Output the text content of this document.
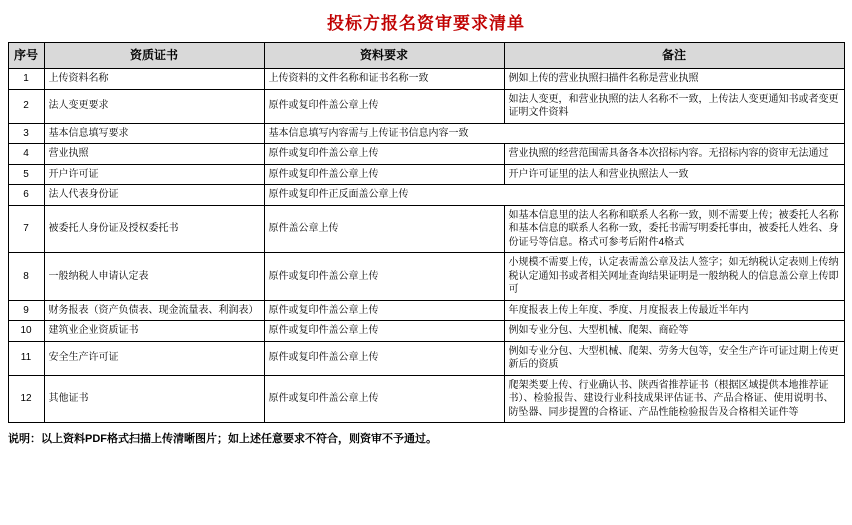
投标方报名资审要求清单
序号	资质证书	资料要求	备注
1	上传资料名称	上传资料的文件名称和证书名称一致	例如上传的营业执照扫描件名称是营业执照
2	法人变更要求	原件或复印件盖公章上传	如法人变更，和营业执照的法人名称不一致，上传法人变更通知书或者变更证明文件资料
3	基本信息填写要求	基本信息填写内容需与上传证书信息内容一致	
4	营业执照	原件或复印件盖公章上传	营业执照的经营范围需具备各本次招标内容。无招标内容的资审无法通过
5	开户许可证	原件或复印件盖公章上传	开户许可证里的法人和营业执照法人一致
6	法人代表身份证	原件或复印件正反面盖公章上传	
7	被委托人身份证及授权委托书	原件盖公章上传	如基本信息里的法人名称和联系人名称一致，则不需要上传；被委托人名称和基本信息的联系人名称一致，委托书需写明委托事由，被委托人姓名、身份证号等信息。格式可参考后附件4格式
8	一般纳税人申请认定表	原件或复印件盖公章上传	小规模不需要上传，认定表需盖公章及法人签字；如无纳税认定表则上传纳税认定通知书或者相关网址查询结果证明是一般纳税人的信息盖公章上传即可
9	财务报表（资产负债表、现金流量表、利润表）	原件或复印件盖公章上传	年度报表上传上年度、季度、月度报表上传最近半年内
10	建筑业企业资质证书	原件或复印件盖公章上传	例如专业分包、大型机械、爬架、商砼等
11	安全生产许可证	原件或复印件盖公章上传	例如专业分包、大型机械、爬架、劳务大包等，安全生产许可证过期上传更新后的资质
12	其他证书	原件或复印件盖公章上传	爬架类要上传、行业确认书、陕西省推荐证书（根据区域提供本地推荐证书）、检验报告、建设行业科技成果评估证书、产品合格证、使用说明书、防坠器、同步提置的合格证、产品性能检验报告及合格相关证件等
说明：以上资料PDF格式扫描上传清晰图片；如上述任意要求不符合，则资审不予通过。
